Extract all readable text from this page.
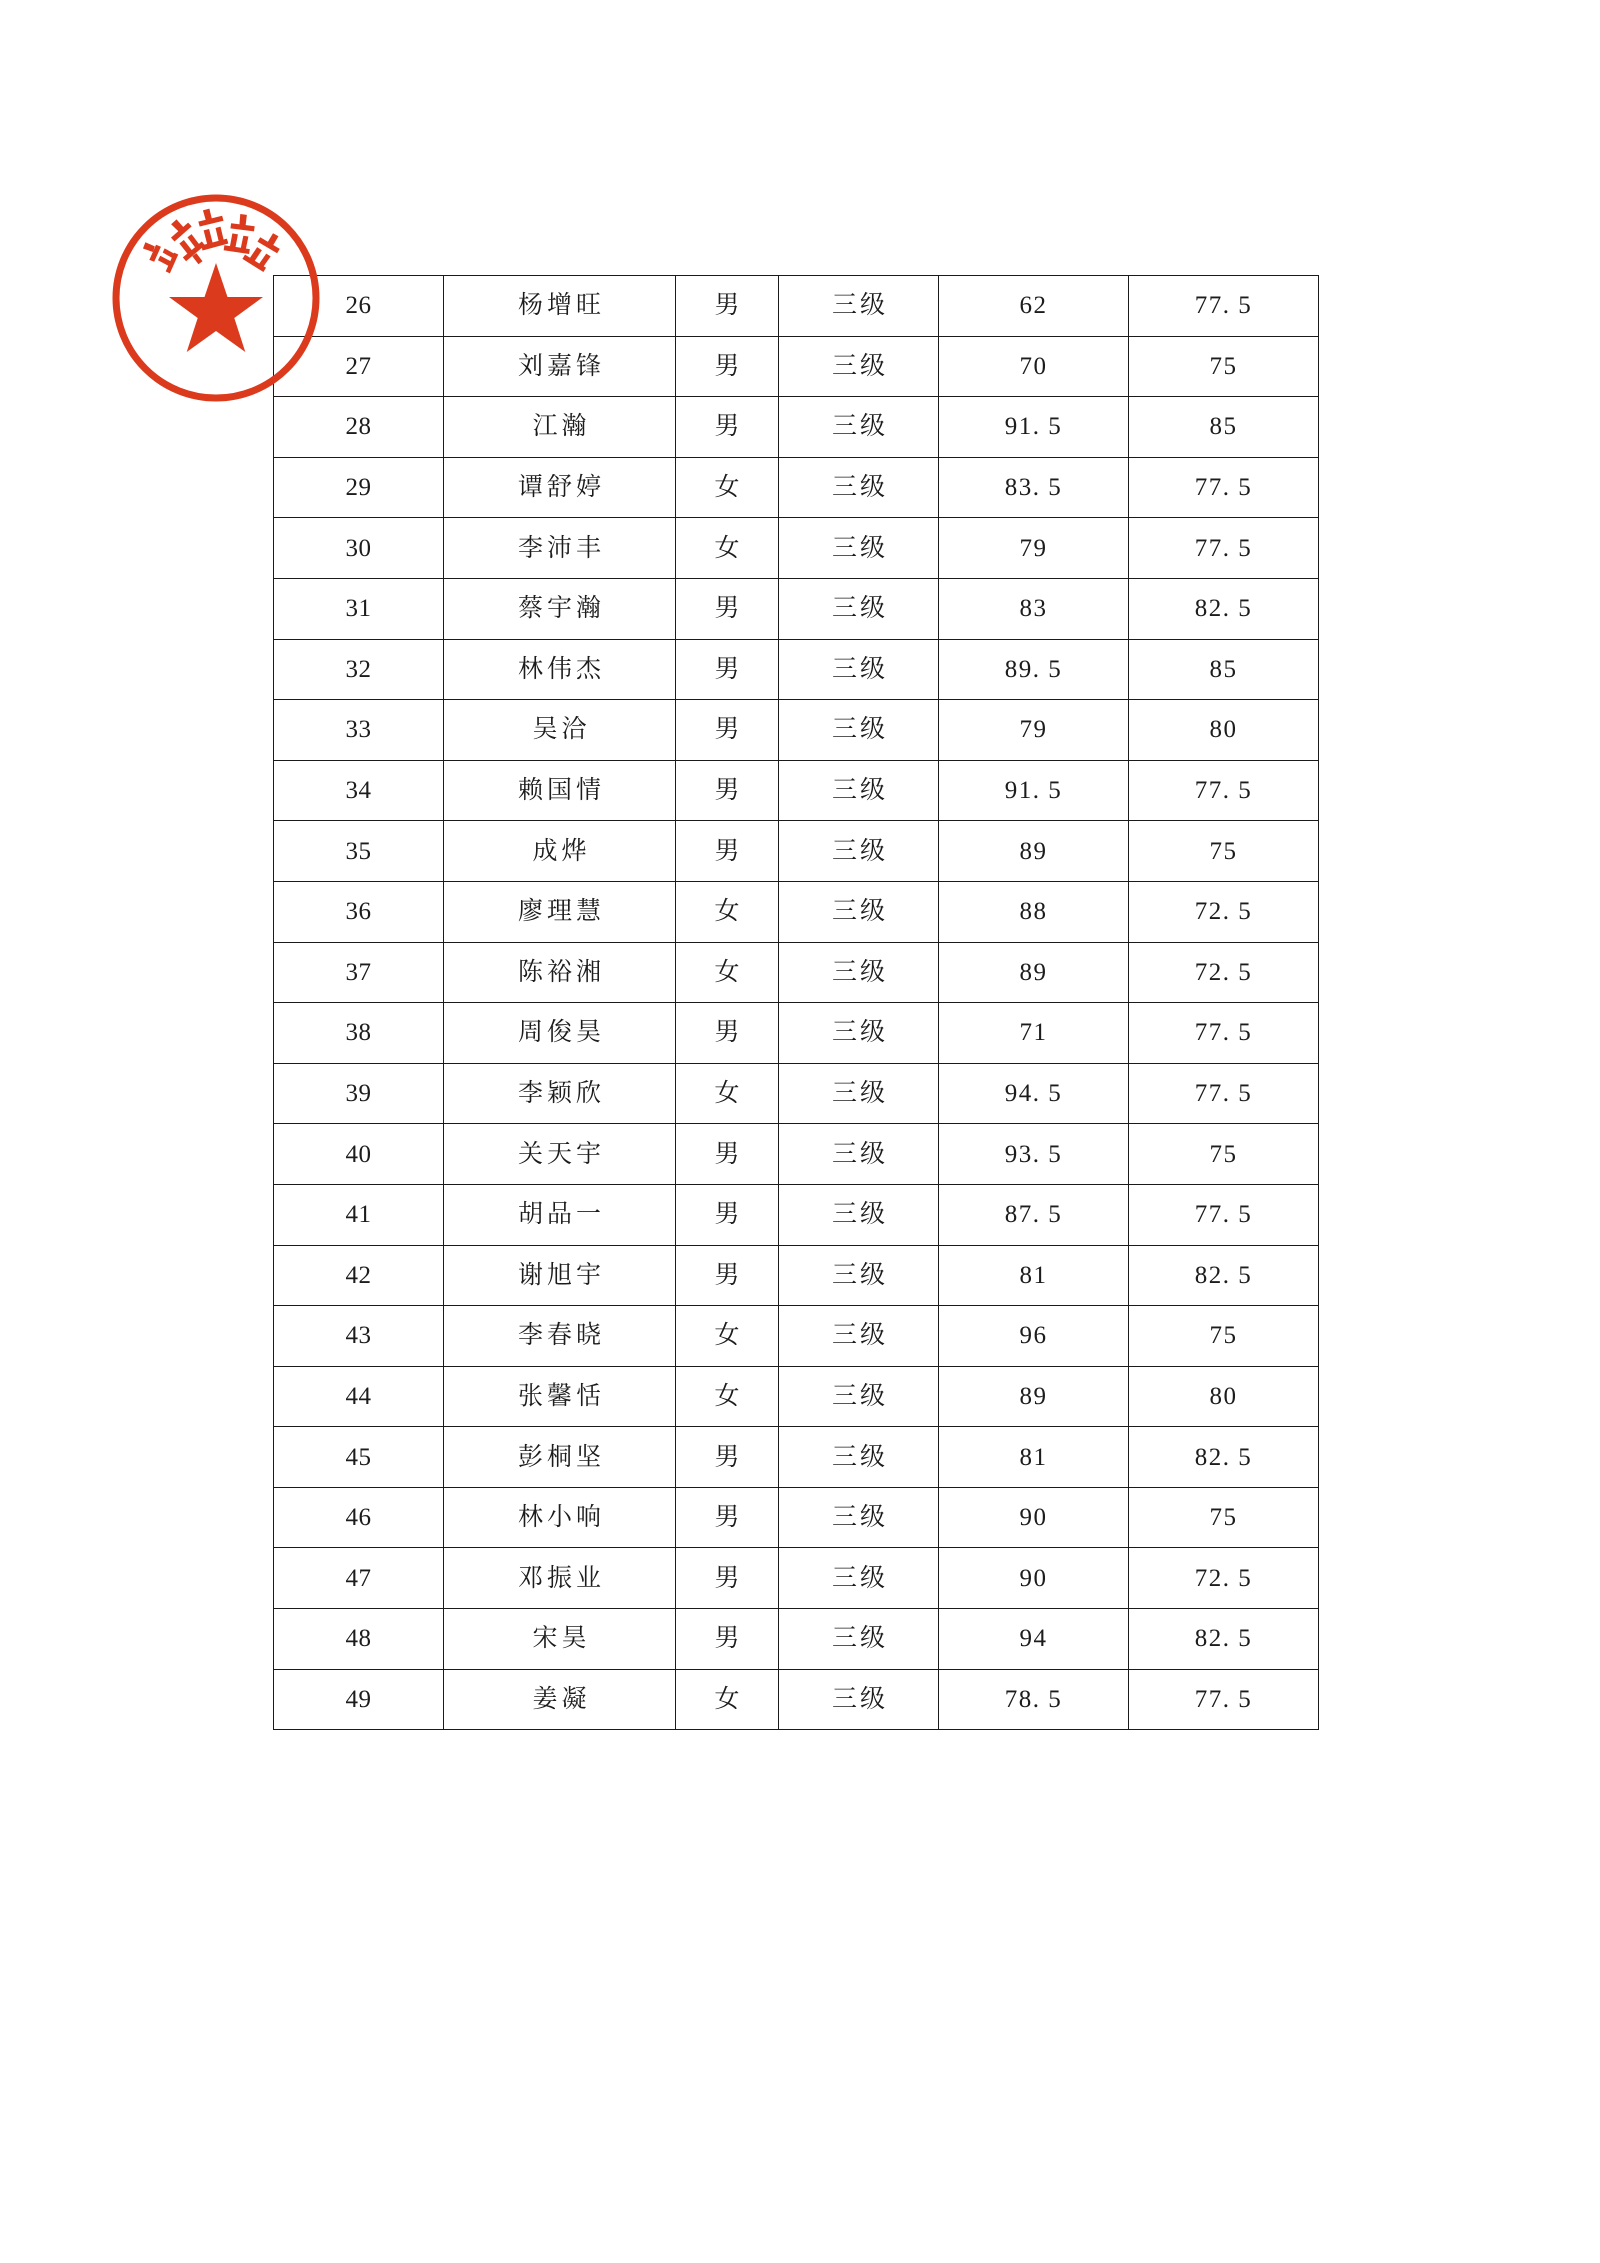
26	杨增旺	男	三级	62	77. 5
27	刘嘉锋	男	三级	70	75
28	江瀚	男	三级	91. 5	85
29	谭舒婷	女	三级	83. 5	77. 5
30	李沛丰	女	三级	79	77. 5
31	蔡宇瀚	男	三级	83	82. 5
32	林伟杰	男	三级	89. 5	85
33	吴洽	男	三级	79	80
34	赖国情	男	三级	91. 5	77. 5
35	成烨	男	三级	89	75
36	廖理慧	女	三级	88	72. 5
37	陈裕湘	女	三级	89	72. 5
38	周俊昊	男	三级	71	77. 5
39	李颖欣	女	三级	94. 5	77. 5
40	关天宇	男	三级	93. 5	75
41	胡品一	男	三级	87. 5	77. 5
42	谢旭宇	男	三级	81	82. 5
43	李春晓	女	三级	96	75
44	张馨恬	女	三级	89	80
45	彭桐坚	男	三级	81	82. 5
46	林小响	男	三级	90	75
47	邓振业	男	三级	90	72. 5
48	宋昊	男	三级	94	82. 5
49	姜凝	女	三级	78. 5	77. 5
